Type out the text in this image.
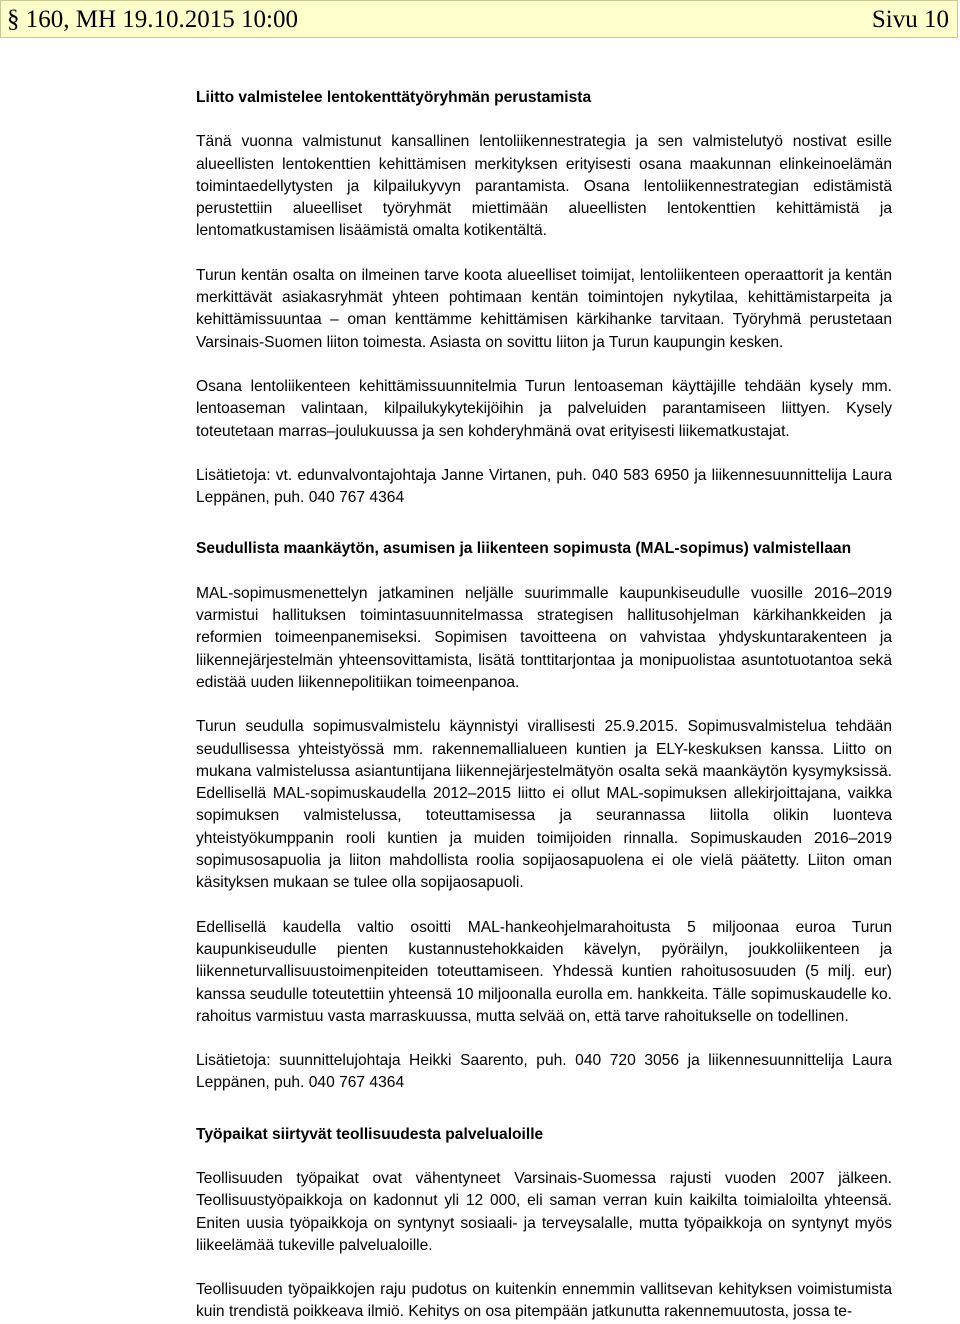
§ 160, MH 19.10.2015 10:00	Sivu 10
Liitto valmistelee lentokenttätyöryhmän perustamista

Tänä vuonna valmistunut kansallinen lentoliikennestrategia ja sen valmistelutyö nostivat esille alueellisten lentokenttien kehittämisen merkityksen erityisesti osana maakunnan elinkeinoelämän toimintaedellytysten ja kilpailukyvyn parantamista. Osana lentoliikennestrategian edistämistä perustettiin alueelliset työryhmät miettimään alueellisten lentokenttien kehittämistä ja lentomatkustamisen lisäämistä omalta kotikentältä.

Turun kentän osalta on ilmeinen tarve koota alueelliset toimijat, lentoliikenteen operaattorit ja kentän merkittävät asiakasryhmät yhteen pohtimaan kentän toimintojen nykytilaa, kehittämistarpeita ja kehittämissuuntaa – oman kenttämme kehittämisen kärkihanke tarvitaan. Työryhmä perustetaan Varsinais-Suomen liiton toimesta. Asiasta on sovittu liiton ja Turun kaupungin kesken.

Osana lentoliikenteen kehittämissuunnitelmia Turun lentoaseman käyttäjille tehdään kysely mm. lentoaseman valintaan, kilpailukykytekijöihin ja palveluiden parantamiseen liittyen. Kysely toteutetaan marras–joulukuussa ja sen kohderyhmänä ovat erityisesti liikematkustajat.

Lisätietoja: vt. edunvalvontajohtaja Janne Virtanen, puh. 040 583 6950 ja liikennesuunnittelija Laura Leppänen, puh. 040 767 4364

Seudullista maankäytön, asumisen ja liikenteen sopimusta (MAL-sopimus) valmistellaan

MAL-sopimusmenettelyn jatkaminen neljälle suurimmalle kaupunkiseudulle vuosille 2016–2019 varmistui hallituksen toimintasuunnitelmassa strategisen hallitusohjelman kärkihankkeiden ja reformien toimeenpanemiseksi. Sopimisen tavoitteena on vahvistaa yhdyskuntarakenteen ja liikennejärjestelmän yhteensovittamista, lisätä tonttitarjontaa ja monipuolistaa asuntotuotantoa sekä edistää uuden liikennepolitiikan toimeenpanoa.

Turun seudulla sopimusvalmistelu käynnistyi virallisesti 25.9.2015. Sopimusvalmistelua tehdään seudullisessa yhteistyössä mm. rakennemallialueen kuntien ja ELY-keskuksen kanssa. Liitto on mukana valmistelussa asiantuntijana liikennejärjestelmätyön osalta sekä maankäytön kysymyksissä. Edellisellä MAL-sopimuskaudella 2012–2015 liitto ei ollut MAL-sopimuksen allekirjoittajana, vaikka sopimuksen valmistelussa, toteuttamisessa ja seurannassa liitolla olikin luonteva yhteistyökumppanin rooli kuntien ja muiden toimijoiden rinnalla. Sopimuskauden 2016–2019 sopimusosapuolia ja liiton mahdollista roolia sopijaosapuolena ei ole vielä päätetty. Liiton oman käsityksen mukaan se tulee olla sopijaosapuoli.

Edellisellä kaudella valtio osoitti MAL-hankeohjelmarahoitusta 5 miljoonaa euroa Turun kaupunkiseudulle pienten kustannustehokkaiden kävelyn, pyöräilyn, joukkoliikenteen ja liikenneturvallisuustoimenpiteiden toteuttamiseen. Yhdessä kuntien rahoitusosuuden (5 milj. eur) kanssa seudulle toteutettiin yhteensä 10 miljoonalla eurolla em. hankkeita. Tälle sopimuskaudelle ko. rahoitus varmistuu vasta marraskuussa, mutta selvää on, että tarve rahoitukselle on todellinen.

Lisätietoja: suunnittelujohtaja Heikki Saarento, puh. 040 720 3056 ja liikennesuunnittelija Laura Leppänen, puh. 040 767 4364

Työpaikat siirtyvät teollisuudesta palvelualoille

Teollisuuden työpaikat ovat vähentyneet Varsinais-Suomessa rajusti vuoden 2007 jälkeen. Teollisuustyöpaikkoja on kadonnut yli 12 000, eli saman verran kuin kaikilta toimialoilta yhteensä. Eniten uusia työpaikkoja on syntynyt sosiaali- ja terveysalalle, mutta työpaikkoja on syntynyt myös liikeelämää tukeville palvelualoille.

Teollisuuden työpaikkojen raju pudotus on kuitenkin ennemmin vallitsevan kehityksen voimistumista kuin trendistä poikkeava ilmiö. Kehitys on osa pitempään jatkunutta rakennemuutosta, jossa te-
